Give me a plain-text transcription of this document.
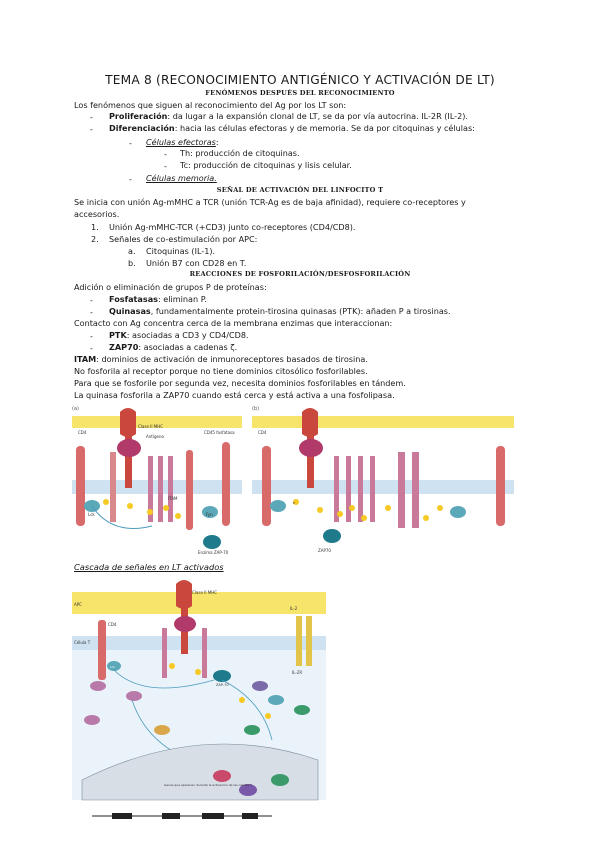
TEMA 8 (RECONOCIMIENTO ANTIGÉNICO Y ACTIVACIÓN DE LT)
FENÓMENOS DESPUÉS DEL RECONOCIMIENTO
Los fenómenos que siguen al reconocimiento del Ag por los LT son:
- Proliferación: da lugar a la expansión clonal de LT, se da por vía autocrina. IL-2R (IL-2).
- Diferenciación: hacia las células efectoras y de memoria. Se da por citoquinas y células:
- Células efectoras:
- Th: producción de citoquinas.
- Tc: producción de citoquinas y lisis celular.
- Células memoria.
SEÑAL DE ACTIVACIÓN DEL LINFOCITO T
Se inicia con unión Ag-mMHC a TCR (unión TCR-Ag es de baja afinidad), requiere co-receptores y
accesorios.
1. Unión Ag-mMHC-TCR (+CD3) junto co-receptores (CD4/CD8).
2. Señales de co-estimulación por APC:
a. Citoquinas (IL-1).
b. Unión B7 con CD28 en T.
REACCIONES DE FOSFORILACIÓN/DESFOSFORILACIÓN
Adición o eliminación de grupos P de proteínas:
- Fosfatasas: eliminan P.
- Quinasas, fundamentalmente protein-tirosina quinasas (PTK): añaden P a tirosinas.
Contacto con Ag concentra cerca de la membrana enzimas que interaccionan:
- PTK: asociadas a CD3 y CD4/CD8.
- ZAP70: asociadas a cadenas ζ.
ITAM: dominios de activación de inmunoreceptores basados de tirosina.
No fosforila al receptor porque no tiene dominios citosólico fosforilables.
Para que se fosforile por segunda vez, necesita dominios fosforilables en tándem.
La quinasa fosforila a ZAP70 cuando está cerca y está activa a una fosfolipasa.
(a)
CD4
Clase II MHC
Antígeno
CD45 fosfatasa
Lck
ITAM
Fyn
Enzima ZAP-70
(b)
CD4
ZAP70
P
Cascada de señales en LT activados
APC
Célula T
Clase II MHC
CD4
IL-2
IL-2R
Lck
ZAP-70
Genes que aparecen durante la activación de las células T
